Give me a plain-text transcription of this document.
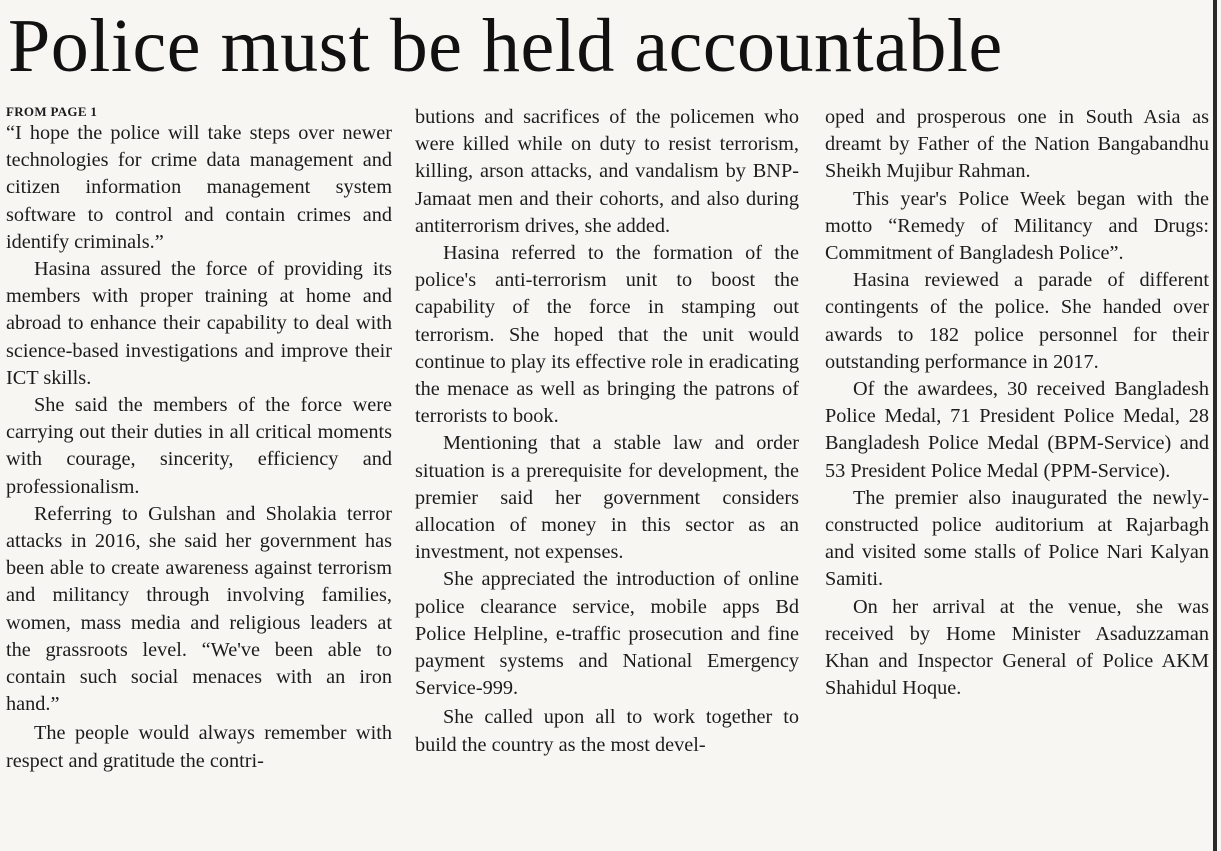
Police must be held accountable
FROM PAGE 1

“I hope the police will take steps over newer technologies for crime data management and citizen information management system software to control and contain crimes and identify criminals.”

Hasina assured the force of providing its members with proper training at home and abroad to enhance their capability to deal with science-based investigations and improve their ICT skills.

She said the members of the force were carrying out their duties in all critical moments with courage, sincerity, efficiency and professionalism.

Referring to Gulshan and Sholakia terror attacks in 2016, she said her government has been able to create awareness against terrorism and militancy through involving families, women, mass media and religious leaders at the grassroots level. “We've been able to contain such social menaces with an iron hand.”

The people would always remember with respect and gratitude the contri-

butions and sacrifices of the policemen who were killed while on duty to resist terrorism, killing, arson attacks, and vandalism by BNP-Jamaat men and their cohorts, and also during antiterrorism drives, she added.

Hasina referred to the formation of the police's anti-terrorism unit to boost the capability of the force in stamping out terrorism. She hoped that the unit would continue to play its effective role in eradicating the menace as well as bringing the patrons of terrorists to book.

Mentioning that a stable law and order situation is a prerequisite for development, the premier said her government considers allocation of money in this sector as an investment, not expenses.

She appreciated the introduction of online police clearance service, mobile apps Bd Police Helpline, e-traffic prosecution and fine payment systems and National Emergency Service-999.

She called upon all to work together to build the country as the most devel-

oped and prosperous one in South Asia as dreamt by Father of the Nation Bangabandhu Sheikh Mujibur Rahman.

This year's Police Week began with the motto “Remedy of Militancy and Drugs: Commitment of Bangladesh Police”.

Hasina reviewed a parade of different contingents of the police. She handed over awards to 182 police personnel for their outstanding performance in 2017.

Of the awardees, 30 received Bangladesh Police Medal, 71 President Police Medal, 28 Bangladesh Police Medal (BPM-Service) and 53 President Police Medal (PPM-Service).

The premier also inaugurated the newly-constructed police auditorium at Rajarbagh and visited some stalls of Police Nari Kalyan Samiti.

On her arrival at the venue, she was received by Home Minister Asaduzzaman Khan and Inspector General of Police AKM Shahidul Hoque.
